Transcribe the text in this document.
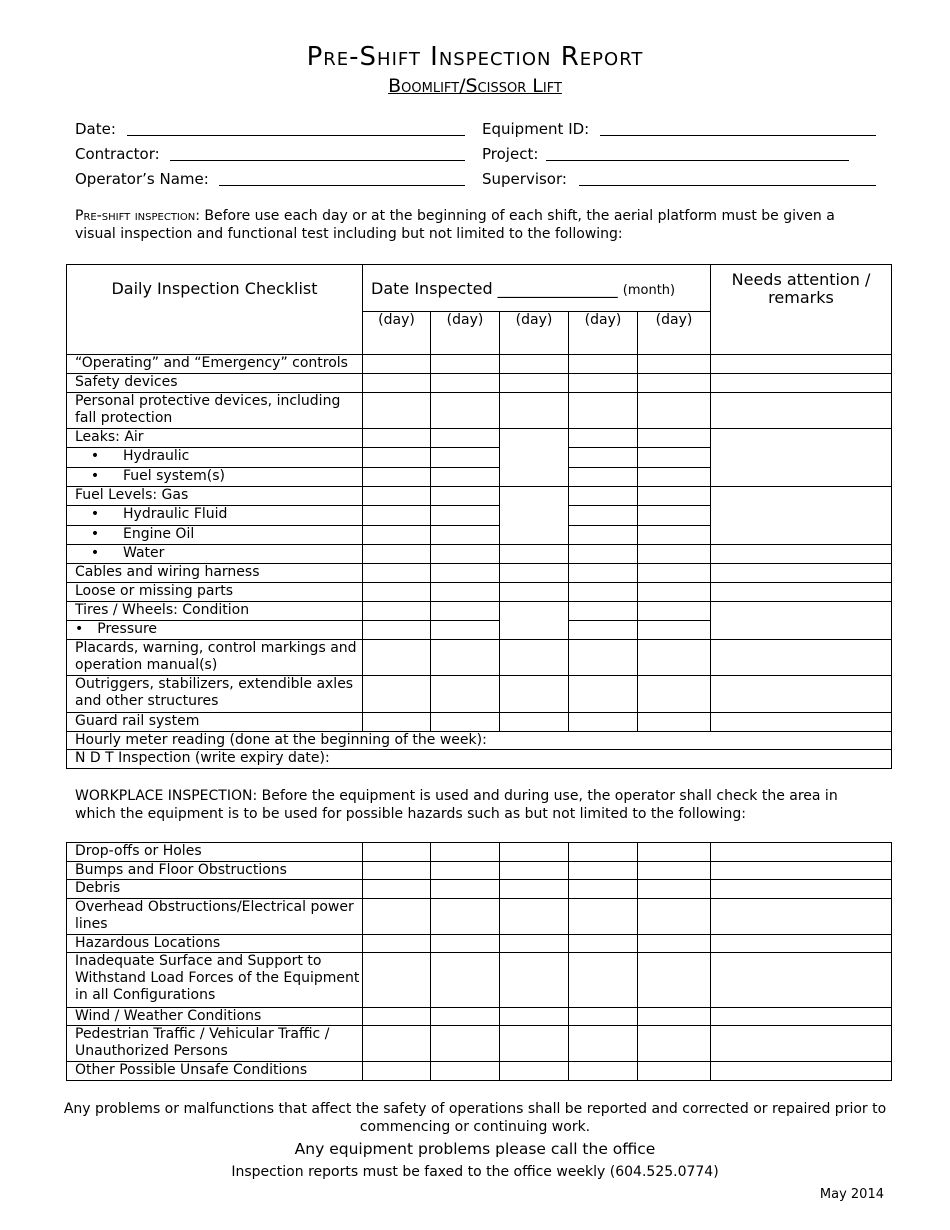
Pre-Shift Inspection Report
Boomlift/Scissor Lift
Date:	Equipment ID:
Contractor:	Project:
Operator’s Name:	Supervisor:
Pre-shift inspection: Before use each day or at the beginning of each shift, the aerial platform must be given a visual inspection and functional test including but not limited to the following:
Daily Inspection Checklist	Date Inspected _______________ (month)					Needs attention / remarks
	(day)	(day)	(day)	(day)	(day)	
“Operating” and “Emergency” controls						
Safety devices						
Personal protective devices, including fall protection						
Leaks: Air						
• Hydraulic						
• Fuel system(s)						
Fuel Levels: Gas						
• Hydraulic Fluid						
• Engine Oil						
• Water						
Cables and wiring harness						
Loose or missing parts						
Tires / Wheels: Condition						
• Pressure						
Placards, warning, control markings and operation manual(s)						
Outriggers, stabilizers, extendible axles and other structures						
Guard rail system						
Hourly meter reading (done at the beginning of the week):						
N D T Inspection (write expiry date):						
WORKPLACE INSPECTION: Before the equipment is used and during use, the operator shall check the area in which the equipment is to be used for possible hazards such as but not limited to the following:
Drop-offs or Holes						
Bumps and Floor Obstructions						
Debris						
Overhead Obstructions/Electrical power lines						
Hazardous Locations						
Inadequate Surface and Support to Withstand Load Forces of the Equipment in all Configurations						
Wind / Weather Conditions						
Pedestrian Traffic / Vehicular Traffic / Unauthorized Persons						
Other Possible Unsafe Conditions						
Any problems or malfunctions that affect the safety of operations shall be reported and corrected or repaired prior to commencing or continuing work.
Any equipment problems please call the office
Inspection reports must be faxed to the office weekly (604.525.0774)
May 2014
